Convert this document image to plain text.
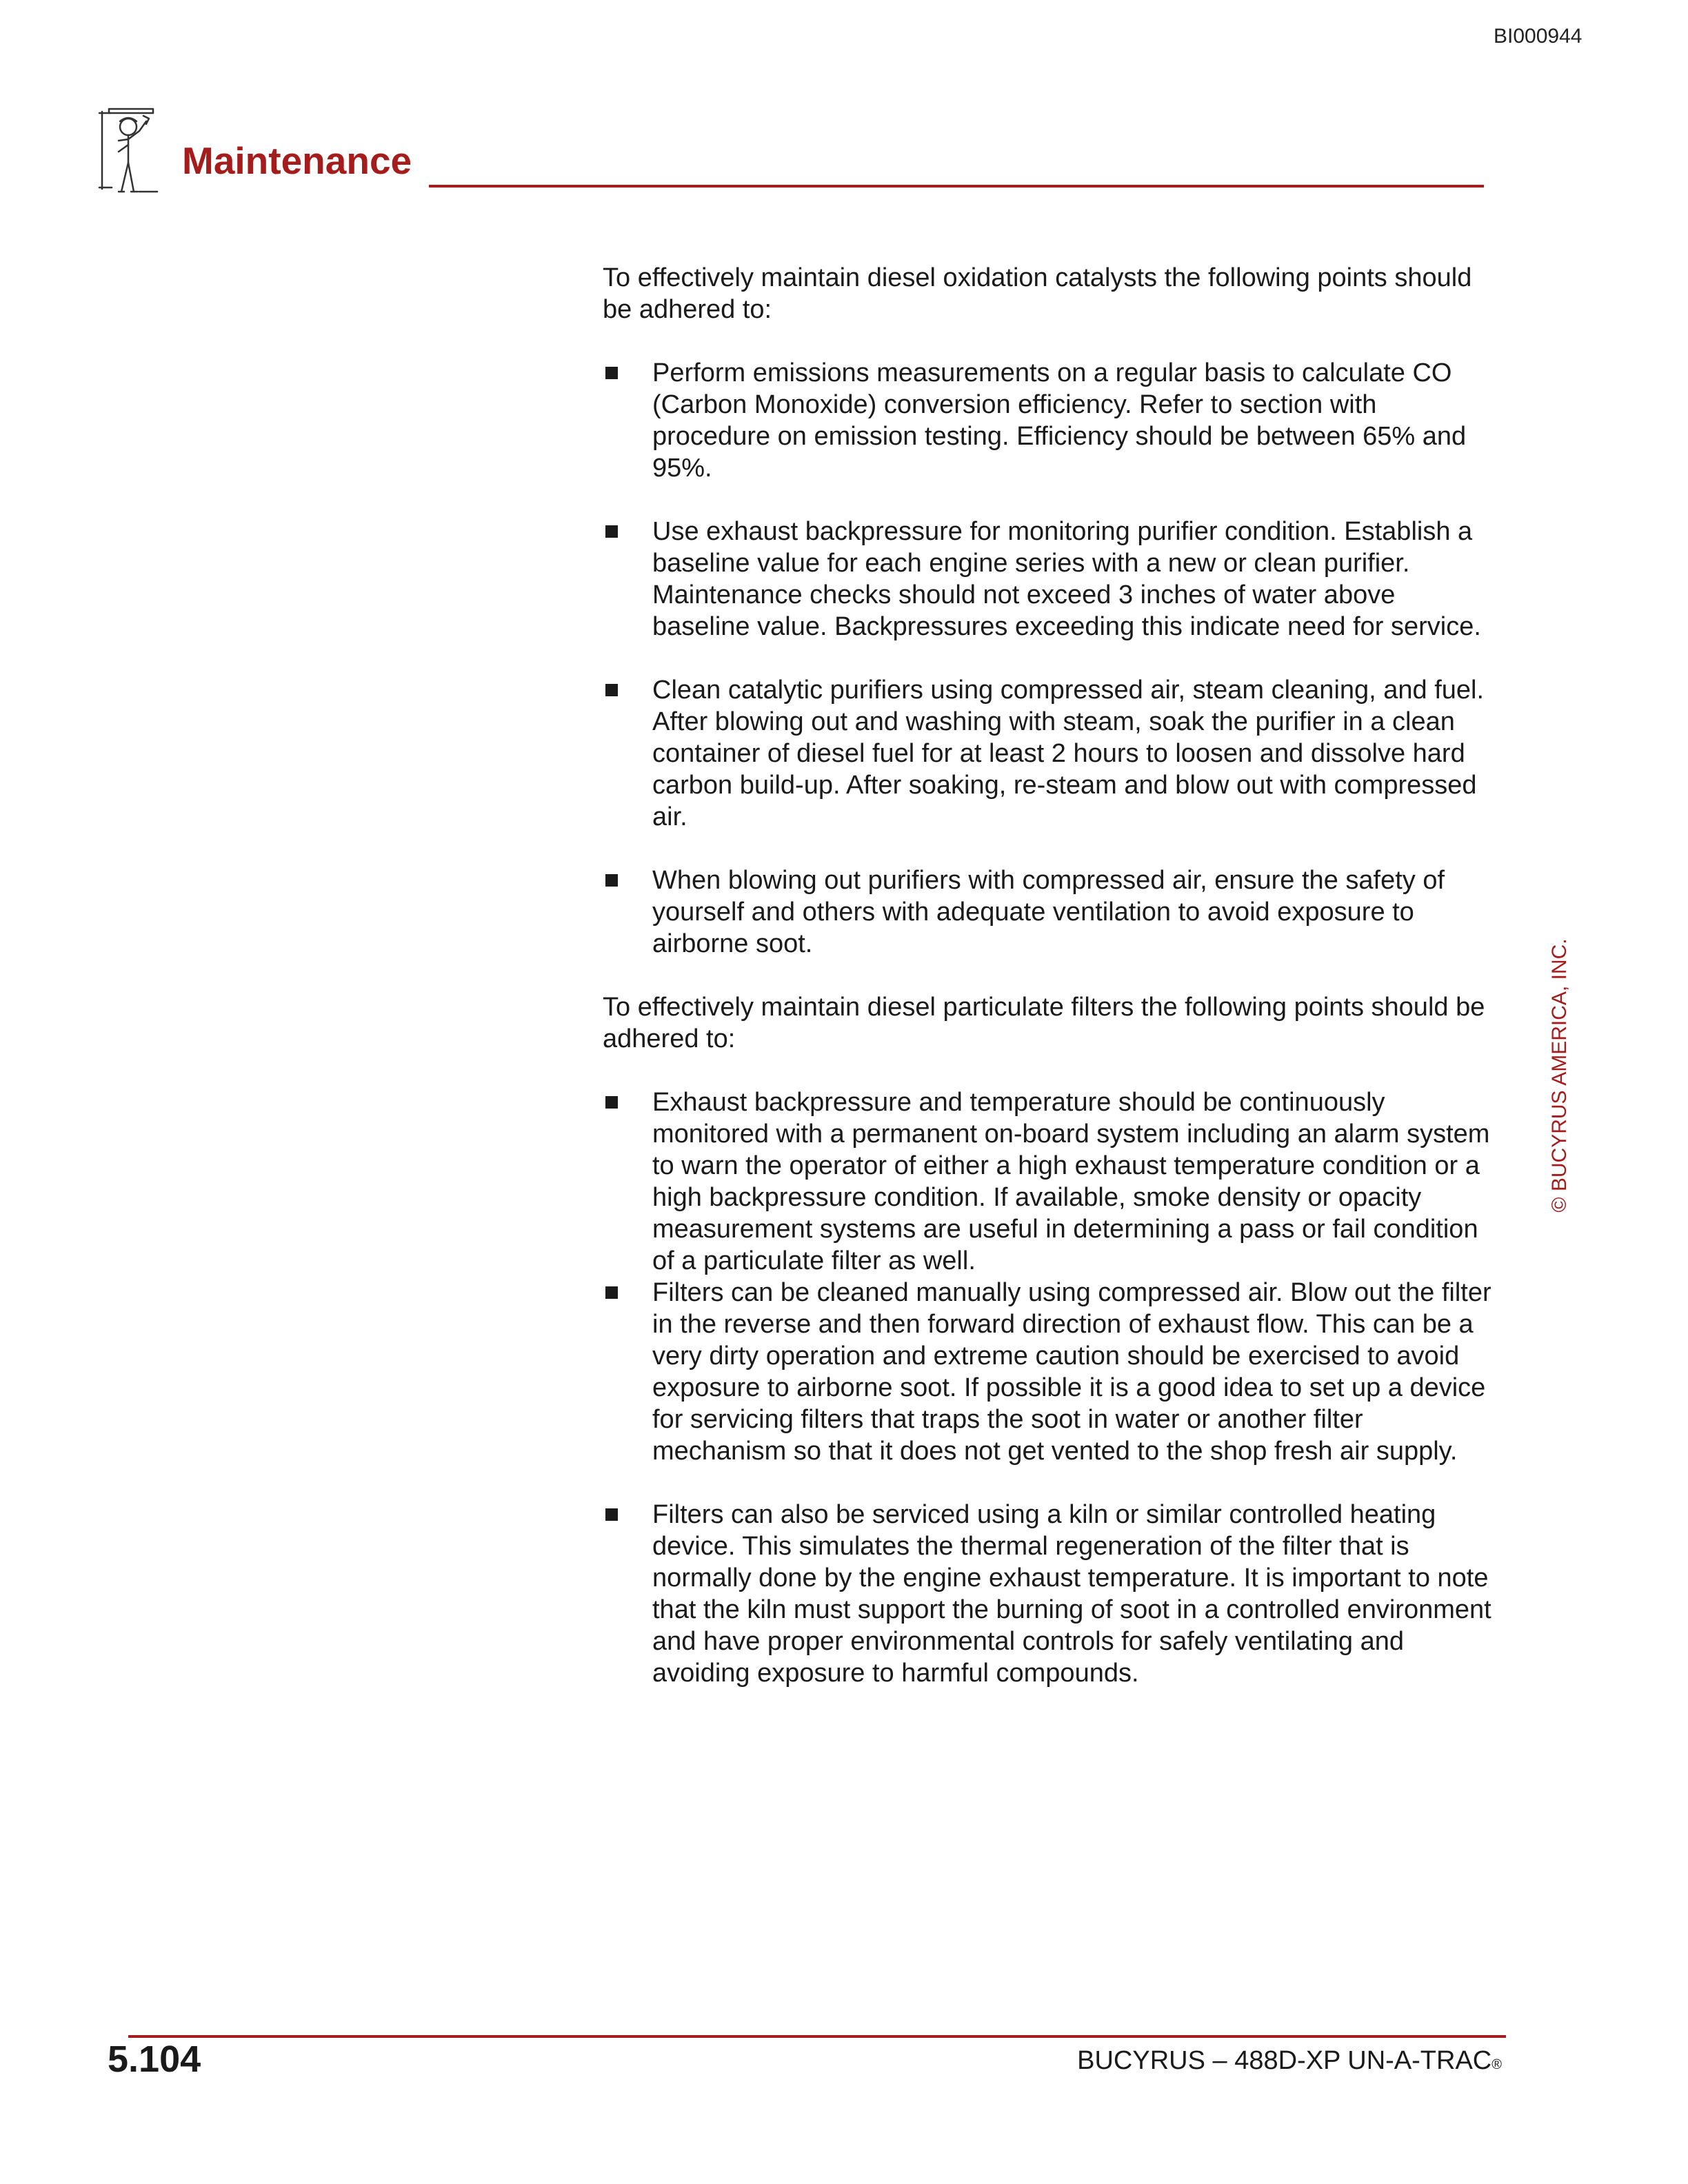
BI000944
Maintenance

To effectively maintain diesel oxidation catalysts the following points should be adhered to:

Perform emissions measurements on a regular basis to calculate CO (Carbon Monoxide) conversion efficiency. Refer to section with procedure on emission testing. Efficiency should be between 65% and 95%.
Use exhaust backpressure for monitoring purifier condition. Establish a baseline value for each engine series with a new or clean purifier. Maintenance checks should not exceed 3 inches of water above baseline value. Backpressures exceeding this indicate need for service.
Clean catalytic purifiers using compressed air, steam cleaning, and fuel. After blowing out and washing with steam, soak the purifier in a clean container of diesel fuel for at least 2 hours to loosen and dissolve hard carbon build-up. After soaking, re-steam and blow out with compressed air.
When blowing out purifiers with compressed air, ensure the safety of yourself and others with adequate ventilation to avoid exposure to airborne soot.

To effectively maintain diesel particulate filters the following points should be adhered to:

Exhaust backpressure and temperature should be continuously monitored with a permanent on-board system including an alarm system to warn the operator of either a high exhaust temperature condition or a high backpressure condition. If available, smoke density or opacity measurement systems are useful in determining a pass or fail condition of a particulate filter as well.
Filters can be cleaned manually using compressed air. Blow out the filter in the reverse and then forward direction of exhaust flow. This can be a very dirty operation and extreme caution should be exercised to avoid exposure to airborne soot. If possible it is a good idea to set up a device for servicing filters that traps the soot in water or another filter mechanism so that it does not get vented to the shop fresh air supply.
Filters can also be serviced using a kiln or similar controlled heating device. This simulates the thermal regeneration of the filter that is normally done by the engine exhaust temperature. It is important to note that the kiln must support the burning of soot in a controlled environment and have proper environmental controls for safely ventilating and avoiding exposure to harmful compounds.
© BUCYRUS AMERICA, INC.
5.104	BUCYRUS – 488D-XP UN-A-TRAC®
